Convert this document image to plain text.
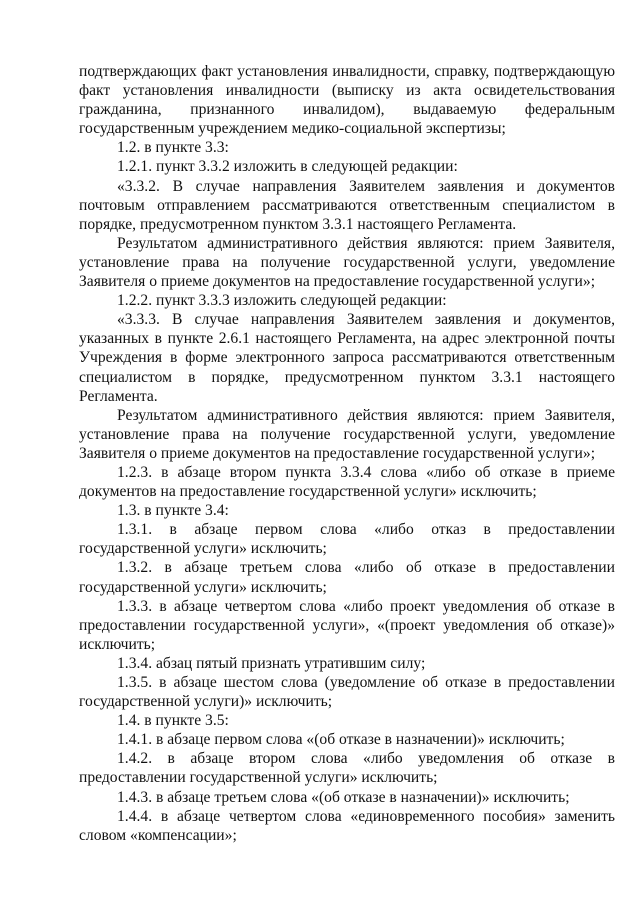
подтверждающих факт установления инвалидности, справку, подтверждающую факт установления инвалидности (выписку из акта освидетельствования гражданина, признанного инвалидом), выдаваемую федеральным государственным учреждением медико-социальной экспертизы;

1.2. в пункте 3.3:

1.2.1. пункт 3.3.2 изложить в следующей редакции:

«3.3.2. В случае направления Заявителем заявления и документов почтовым отправлением рассматриваются ответственным специалистом в порядке, предусмотренном пунктом 3.3.1 настоящего Регламента.

Результатом административного действия являются: прием Заявителя, установление права на получение государственной услуги, уведомление Заявителя о приеме документов на предоставление государственной услуги»;

1.2.2. пункт 3.3.3 изложить следующей редакции:

«3.3.3. В случае направления Заявителем заявления и документов, указанных в пункте 2.6.1 настоящего Регламента, на адрес электронной почты Учреждения в форме электронного запроса рассматриваются ответственным специалистом в порядке, предусмотренном пунктом 3.3.1 настоящего Регламента.

Результатом административного действия являются: прием Заявителя, установление права на получение государственной услуги, уведомление Заявителя о приеме документов на предоставление государственной услуги»;

1.2.3. в абзаце втором пункта 3.3.4 слова «либо об отказе в приеме документов на предоставление государственной услуги» исключить;

1.3. в пункте 3.4:

1.3.1. в абзаце первом слова «либо отказ в предоставлении государственной услуги» исключить;

1.3.2. в абзаце третьем слова «либо об отказе в предоставлении государственной услуги» исключить;

1.3.3. в абзаце четвертом слова «либо проект уведомления об отказе в предоставлении государственной услуги», «(проект уведомления об отказе)» исключить;

1.3.4. абзац пятый признать утратившим силу;

1.3.5. в абзаце шестом слова (уведомление об отказе в предоставлении государственной услуги)» исключить;

1.4. в пункте 3.5:

1.4.1. в абзаце первом слова «(об отказе в назначении)» исключить;

1.4.2. в абзаце втором слова «либо уведомления об отказе в предоставлении государственной услуги» исключить;

1.4.3. в абзаце третьем слова «(об отказе в назначении)» исключить;

1.4.4. в абзаце четвертом слова «единовременного пособия» заменить словом «компенсации»;
